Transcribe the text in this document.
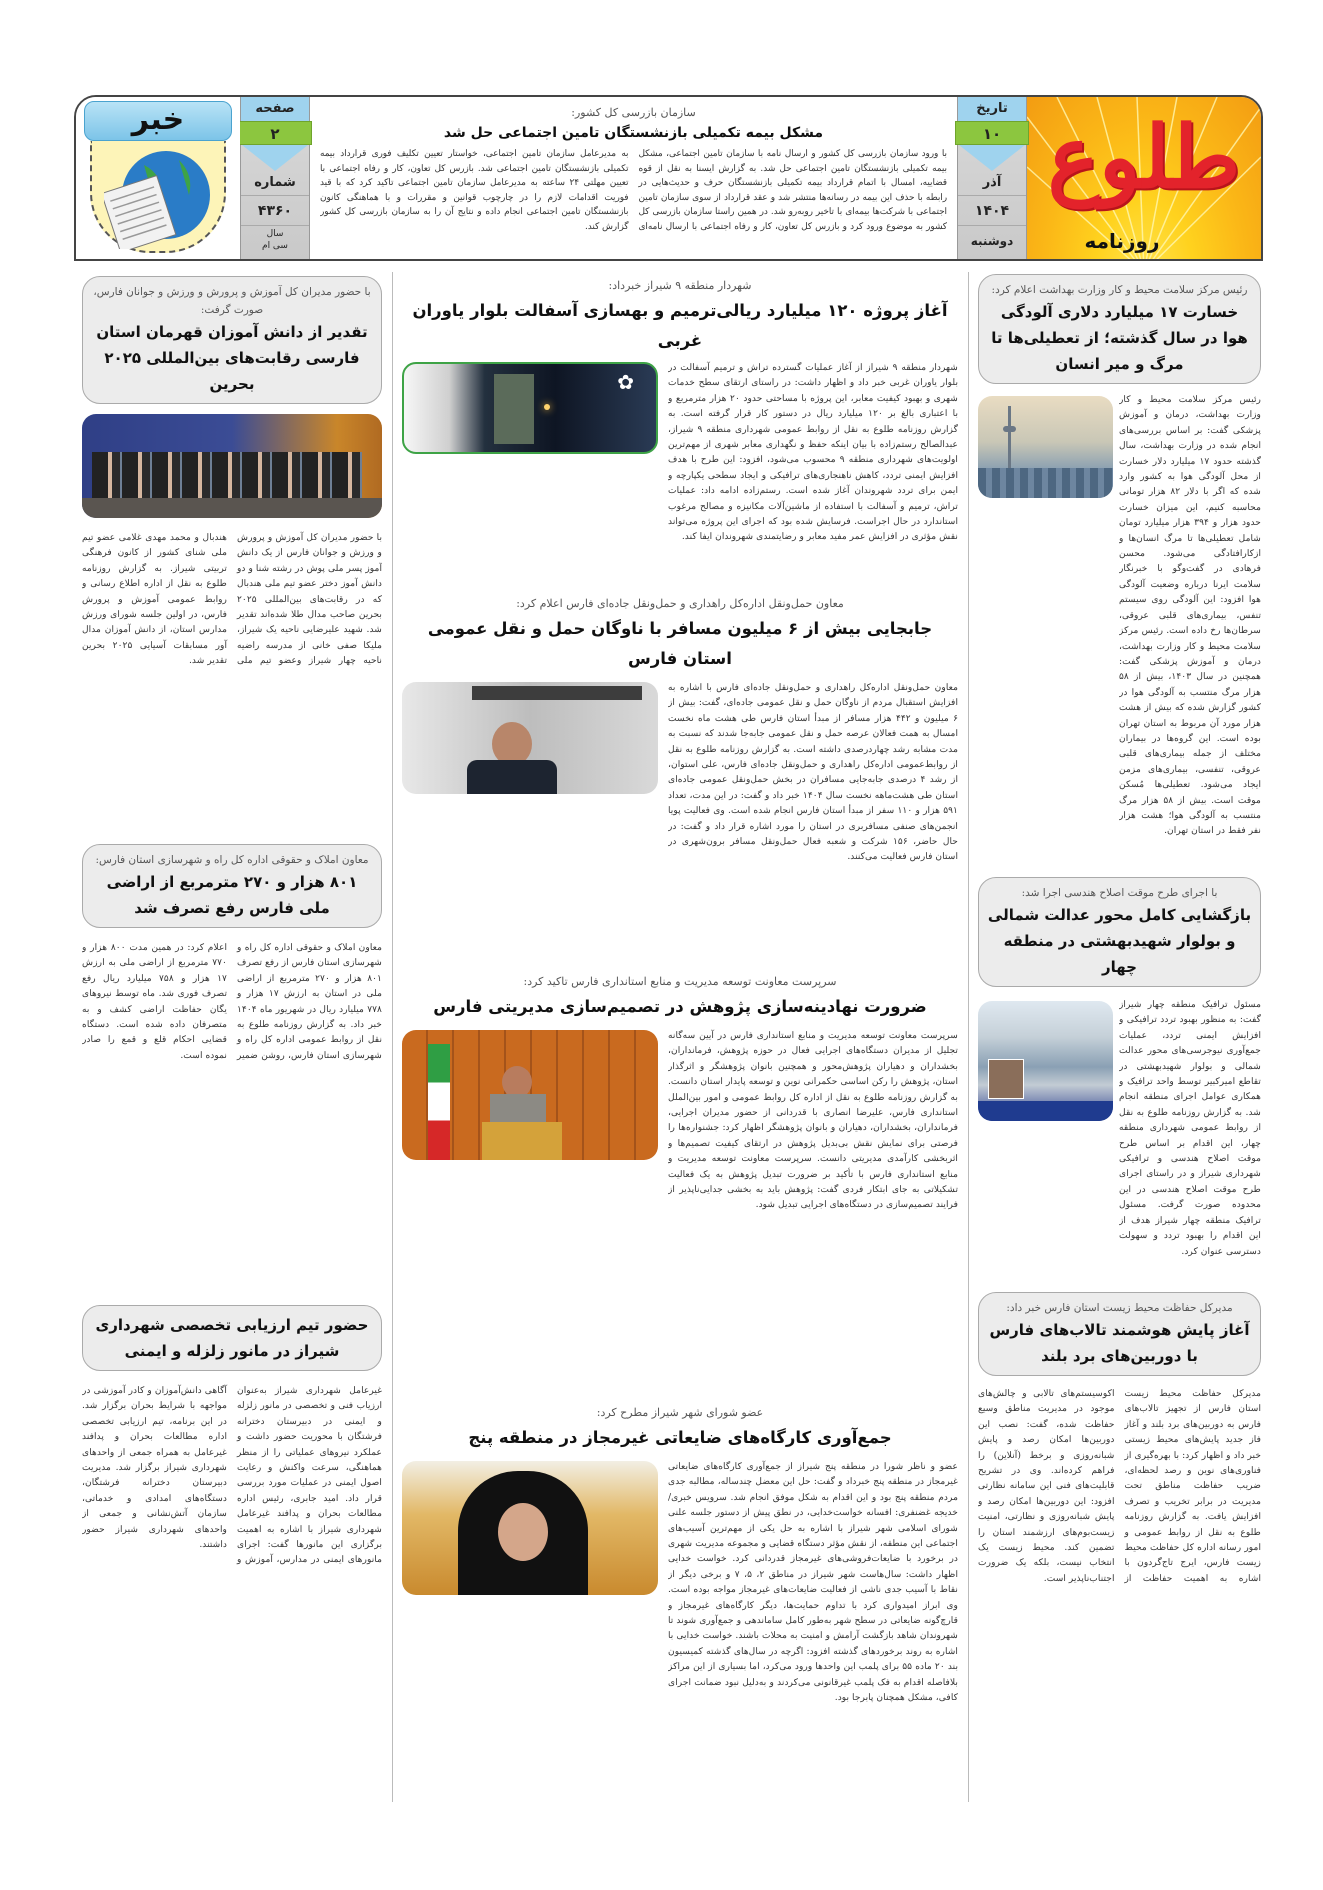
طلوع
روزنامه
تاریخ
۱۰
آذر
۱۴۰۴
دوشنبه
سازمان بازرسی کل کشور:
مشکل بیمه تکمیلی بازنشستگان تامین اجتماعی حل شد
با ورود سازمان بازرسی کل کشور و ارسال نامه با سازمان تامین اجتماعی، مشکل بیمه تکمیلی بازنشستگان تامین اجتماعی حل شد. به گزارش ایسنا به نقل از قوه قضاییه، امسال با اتمام قرارداد بیمه تکمیلی بازنشستگان حرف و حدیث‌هایی در رابطه با حذف این بیمه در رسانه‌ها منتشر شد و عقد قرارداد از سوی سازمان تامین اجتماعی با شرکت‌ها بیمه‌ای با تاخیر روبه‌رو شد. در همین راستا سازمان بازرسی کل کشور به موضوع ورود کرد و بازرس کل تعاون، کار و رفاه اجتماعی با ارسال نامه‌ای به مدیرعامل سازمان تامین اجتماعی، خواستار تعیین تکلیف فوری قرارداد بیمه تکمیلی بازنشستگان تامین اجتماعی شد. بازرس کل تعاون، کار و رفاه اجتماعی با تعیین مهلتی ۲۴ ساعته به مدیرعامل سازمان تامین اجتماعی تاکید کرد که با قید فوریت اقدامات لازم را در چارچوب قوانین و مقررات و با هماهنگی کانون بازنشستگان تامین اجتماعی انجام داده و نتایج آن را به سازمان بازرسی کل کشور گزارش کند.
صفحه
۲
شماره
۴۳۶۰
سال
سی ام
خبر
رئیس مرکز سلامت محیط و کار وزارت بهداشت اعلام کرد:
خسارت ۱۷ میلیارد دلاری آلودگی هوا در سال گذشته؛ از تعطیلی‌ها تا مرگ و میر انسان
رئیس مرکز سلامت محیط و کار وزارت بهداشت، درمان و آموزش پزشکی گفت: بر اساس بررسی‌های انجام شده در وزارت بهداشت، سال گذشته حدود ۱۷ میلیارد دلار خسارت از محل آلودگی هوا به کشور وارد شده که اگر با دلار ۸۲ هزار تومانی محاسبه کنیم، این میزان خسارت حدود هزار و ۳۹۴ هزار میلیارد تومان شامل تعطیلی‌ها تا مرگ انسان‌ها و ازکارافتادگی می‌شود. محسن فرهادی در گفت‌وگو با خبرنگار سلامت ایرنا درباره وضعیت آلودگی هوا افزود: این آلودگی روی سیستم تنفس، بیماری‌های قلبی عروقی، سرطان‌ها رخ داده است. رئیس مرکز سلامت محیط و کار وزارت بهداشت، درمان و آموزش پزشکی گفت: همچنین در سال ۱۴۰۳، بیش از ۵۸ هزار مرگ منتسب به آلودگی هوا در کشور گزارش شده که بیش از هشت هزار مورد آن مربوط به استان تهران بوده است. این گروه‌ها در بیماران مختلف از جمله بیماری‌های قلبی عروقی، تنفسی، بیماری‌های مزمن ایجاد می‌شود. تعطیلی‌ها مُسکن موقت است. بیش از ۵۸ هزار مرگ منتسب به آلودگی هوا؛ هشت هزار نفر فقط در استان تهران.
با اجرای طرح موقت اصلاح هندسی اجرا شد:
بازگشایی کامل محور عدالت شمالی و بولوار شهیدبهشتی در منطقه چهار
مسئول ترافیک منطقه چهار شیراز گفت: به منظور بهبود تردد ترافیکی و افزایش ایمنی تردد، عملیات جمع‌آوری نیوجرسی‌های محور عدالت شمالی و بولوار شهیدبهشتی در تقاطع امیرکبیر توسط واحد ترافیک و همکاری عوامل اجرای منطقه انجام شد. به گزارش روزنامه طلوع به نقل از روابط عمومی شهرداری منطقه چهار، این اقدام بر اساس طرح موقت اصلاح هندسی و ترافیکی شهرداری شیراز و در راستای اجرای طرح موقت اصلاح هندسی در این محدوده صورت گرفت. مسئول ترافیک منطقه چهار شیراز هدف از این اقدام را بهبود تردد و سهولت دسترسی عنوان کرد.
مدیرکل حفاظت محیط زیست استان فارس خبر داد:
آغاز پایش هوشمند تالاب‌های فارس با دوربین‌های برد بلند
مدیرکل حفاظت محیط زیست استان فارس از تجهیز تالاب‌های فارس به دوربین‌های برد بلند و آغاز فاز جدید پایش‌های محیط زیستی خبر داد و اظهار کرد: با بهره‌گیری از فناوری‌های نوین و رصد لحظه‌ای، ضریب حفاظت مناطق تحت مدیریت در برابر تخریب و تصرف افزایش یافت. به گزارش روزنامه طلوع به نقل از روابط عمومی و امور رسانه اداره کل حفاظت محیط زیست فارس، ایرج تاج‌گردون با اشاره به اهمیت حفاظت از اکوسیستم‌های تالابی و چالش‌های موجود در مدیریت مناطق وسیع حفاظت شده، گفت: نصب این دوربین‌ها امکان رصد و پایش شبانه‌روزی و برخط (آنلاین) را فراهم کرده‌اند. وی در تشریح قابلیت‌های فنی این سامانه نظارتی افزود: این دوربین‌ها امکان رصد و پایش شبانه‌روزی و نظارتی، امنیت زیست‌بوم‌های ارزشمند استان را تضمین کند. محیط زیست یک انتخاب نیست، بلکه یک ضرورت اجتناب‌ناپذیر است.
شهردار منطقه ۹ شیراز خبرداد:
آغاز پروژه ۱۲۰ میلیارد ریالی‌ترمیم و بهسازی آسفالت بلوار یاوران غربی
✿
شهردار منطقه ۹ شیراز از آغاز عملیات گسترده تراش و ترمیم آسفالت در بلوار یاوران غربی خبر داد و اظهار داشت: در راستای ارتقای سطح خدمات شهری و بهبود کیفیت معابر، این پروژه با مساحتی حدود ۲۰ هزار مترمربع و با اعتباری بالغ بر ۱۲۰ میلیارد ریال در دستور کار قرار گرفته است. به گزارش روزنامه طلوع به نقل از روابط عمومی شهرداری منطقه ۹ شیراز، عبدالصالح رستم‌زاده با بیان اینکه حفظ و نگهداری معابر شهری از مهم‌ترین اولویت‌های شهرداری منطقه ۹ محسوب می‌شود، افزود: این طرح با هدف افزایش ایمنی تردد، کاهش ناهنجاری‌های ترافیکی و ایجاد سطحی یکپارچه و ایمن برای تردد شهروندان آغاز شده است. رستم‌زاده ادامه داد: عملیات تراش، ترمیم و آسفالت با استفاده از ماشین‌آلات مکانیزه و مصالح مرغوب استاندارد در حال اجراست. فرسایش شده بود که اجرای این پروژه می‌تواند نقش مؤثری در افزایش عمر مفید معابر و رضایتمندی شهروندان ایفا کند.
معاون حمل‌ونقل اداره‌کل راهداری و حمل‌ونقل جاده‌ای فارس اعلام کرد:
جابجایی بیش از ۶ میلیون مسافر با ناوگان حمل و نقل عمومی استان فارس
معاون حمل‌ونقل اداره‌کل راهداری و حمل‌ونقل جاده‌ای فارس با اشاره به افزایش استقبال مردم از ناوگان حمل و نقل عمومی جاده‌ای، گفت: بیش از ۶ میلیون و ۴۴۲ هزار مسافر از مبدأ استان فارس طی هشت ماه نخست امسال به همت فعالان عرصه حمل و نقل عمومی جابه‌جا شدند که نسبت به مدت مشابه رشد چهاردرصدی داشته است. به گزارش روزنامه طلوع به نقل از روابط‌عمومی اداره‌کل راهداری و حمل‌ونقل جاده‌ای فارس، علی استوان، از رشد ۴ درصدی جابه‌جایی مسافران در بخش حمل‌ونقل عمومی جاده‌ای استان طی هشت‌ماهه نخست سال ۱۴۰۴ خبر داد و گفت: در این مدت، تعداد ۵۹۱ هزار و ۱۱۰ سفر از مبدأ استان فارس انجام شده است. وی فعالیت پویا انجمن‌های صنفی مسافربری در استان را مورد اشاره قرار داد و گفت: در حال حاضر، ۱۵۶ شرکت و شعبه فعال حمل‌ونقل مسافر برون‌شهری در استان فارس فعالیت می‌کنند.
سرپرست معاونت توسعه مدیریت و منابع استانداری فارس تاکید کرد:
ضرورت نهادینه‌سازی پژوهش در تصمیم‌سازی مدیریتی فارس
سرپرست معاونت توسعه مدیریت و منابع استانداری فارس در آیین سه‌گانه تجلیل از مدیران دستگاه‌های اجرایی فعال در حوزه پژوهش، فرمانداران، بخشداران و دهیاران پژوهش‌محور و همچنین بانوان پژوهشگر و اثرگذار استان، پژوهش را رکن اساسی حکمرانی نوین و توسعه پایدار استان دانست. به گزارش روزنامه طلوع به نقل از اداره کل روابط عمومی و امور بین‌الملل استانداری فارس، علیرضا انصاری با قدردانی از حضور مدیران اجرایی، فرمانداران، بخشداران، دهیاران و بانوان پژوهشگر اظهار کرد: جشنواره‌ها را فرصتی برای نمایش نقش بی‌بدیل پژوهش در ارتقای کیفیت تصمیم‌ها و اثربخشی کارآمدی مدیریتی دانست. سرپرست معاونت توسعه مدیریت و منابع استانداری فارس با تأکید بر ضرورت تبدیل پژوهش به یک فعالیت تشکیلاتی به جای ابتکار فردی گفت: پژوهش باید به بخشی جدایی‌ناپذیر از فرایند تصمیم‌سازی در دستگاه‌های اجرایی تبدیل شود.
عضو شورای شهر شیراز مطرح کرد:
جمع‌آوری کارگاه‌های ضایعاتی غیرمجاز در منطقه پنج
عضو و ناظر شورا در منطقه پنج شیراز از جمع‌آوری کارگاه‌های ضایعاتی غیرمجاز در منطقه پنج خبرداد و گفت: حل این معضل چندساله، مطالبه جدی مردم منطقه پنج بود و این اقدام به شکل موفق انجام شد. سرویس خبری/خدیجه غضنفری: افسانه خواست‌خدایی، در نطق پیش از دستور جلسه علنی شورای اسلامی شهر شیراز با اشاره به حل یکی از مهم‌ترین آسیب‌های اجتماعی این منطقه، از نقش مؤثر دستگاه قضایی و مجموعه مدیریت شهری در برخورد با ضایعات‌فروشی‌های غیرمجاز قدردانی کرد. خواست خدایی اظهار داشت: سال‌هاست شهر شیراز در مناطق ۲، ۵، ۷ و برخی دیگر از نقاط با آسیب جدی ناشی از فعالیت ضایعات‌های غیرمجاز مواجه بوده است. وی ابراز امیدواری کرد با تداوم حمایت‌ها، دیگر کارگاه‌های غیرمجاز و قارچ‌گونه ضایعاتی در سطح شهر به‌طور کامل ساماندهی و جمع‌آوری شوند تا شهروندان شاهد بازگشت آرامش و امنیت به محلات باشند. خواست خدایی با اشاره به روند برخوردهای گذشته افزود: اگرچه در سال‌های گذشته کمیسیون بند ۲۰ ماده ۵۵ برای پلمب این واحدها ورود می‌کرد، اما بسیاری از این مراکز بلافاصله اقدام به فک پلمب غیرقانونی می‌کردند و به‌دلیل نبود ضمانت اجرای کافی، مشکل همچنان پابرجا بود.
با حضور مدیران کل آموزش و پرورش و ورزش و جوانان فارس، صورت گرفت:
تقدیر از دانش آموزان قهرمان استان فارسی رقابت‌های بین‌المللی ۲۰۲۵ بحرین
با حضور مدیران کل آموزش و پرورش و ورزش و جوانان فارس از یک دانش آموز پسر ملی پوش در رشته شنا و دو دانش آموز دختر عضو تیم ملی هندبال که در رقابت‌های بین‌المللی ۲۰۲۵ بحرین صاحب مدال طلا شده‌اند تقدیر شد. شهید علیرضایی ناحیه یک شیراز، ملیکا صفی خانی از مدرسه راضیه ناحیه چهار شیراز وعضو تیم ملی هندبال و محمد مهدی غلامی عضو تیم ملی شنای کشور از کانون فرهنگی تربیتی شیراز. به گزارش روزنامه طلوع به نقل از اداره اطلاع رسانی و روابط عمومی آموزش و پرورش فارس، در اولین جلسه شورای ورزش مدارس استان، از دانش آموزان مدال آور مسابقات آسیایی ۲۰۲۵ بحرین تقدیر شد.
معاون املاک و حقوقی اداره کل راه و شهرسازی استان فارس:
۸۰۱ هزار و ۲۷۰ مترمربع از اراضی ملی فارس رفع تصرف شد
معاون املاک و حقوقی اداره کل راه و شهرسازی استان فارس از رفع تصرف ۸۰۱ هزار و ۲۷۰ مترمربع از اراضی ملی در استان به ارزش ۱۷ هزار و ۷۷۸ میلیارد ریال در شهریور ماه ۱۴۰۴ خبر داد. به گزارش روزنامه طلوع به نقل از روابط عمومی اداره کل راه و شهرسازی استان فارس، روشن ضمیر اعلام کرد: در همین مدت ۸۰۰ هزار و ۷۷۰ مترمربع از اراضی ملی به ارزش ۱۷ هزار و ۷۵۸ میلیارد ریال رفع تصرف فوری شد. ماه توسط نیروهای یگان حفاظت اراضی کشف و به متصرفان داده شده است. دستگاه قضایی احکام قلع و قمع را صادر نموده است.
حضور تیم ارزیابی تخصصی شهرداری شیراز در مانور زلزله و ایمنی
غیرعامل شهرداری شیراز به‌عنوان ارزیاب فنی و تخصصی در مانور زلزله و ایمنی در دبیرستان دخترانه فرشتگان با محوریت حضور داشت و عملکرد نیروهای عملیاتی را از منظر هماهنگی، سرعت واکنش و رعایت اصول ایمنی در عملیات مورد بررسی قرار داد. امید جابری، رئیس اداره مطالعات بحران و پدافند غیرعامل شهرداری شیراز با اشاره به اهمیت برگزاری این مانورها گفت: اجرای مانورهای ایمنی در مدارس، آموزش و آگاهی دانش‌آموزان و کادر آموزشی در مواجهه با شرایط بحران برگزار شد. در این برنامه، تیم ارزیابی تخصصی اداره مطالعات بحران و پدافند غیرعامل به همراه جمعی از واحدهای شهرداری شیراز برگزار شد. مدیریت دبیرستان دخترانه فرشتگان، دستگاه‌های امدادی و خدماتی، سازمان آتش‌نشانی و جمعی از واحدهای شهرداری شیراز حضور داشتند.
